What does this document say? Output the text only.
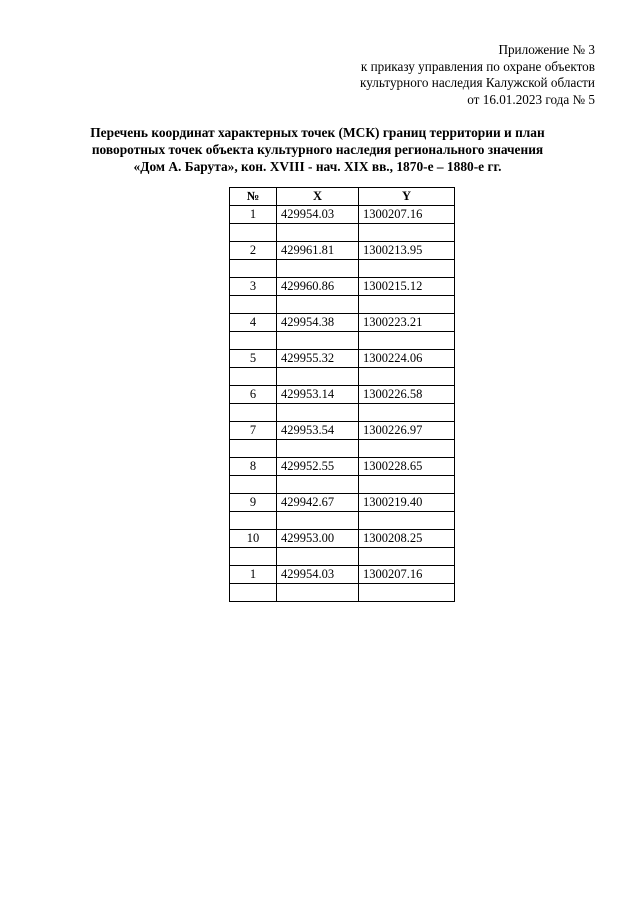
Приложение № 3
к приказу управления по охране объектов
культурного наследия Калужской области
от 16.01.2023 года № 5
Перечень координат характерных точек (МСК) границ территории и план
поворотных точек объекта культурного наследия регионального значения
«Дом А. Барута», кон. XVIII - нач. XIX вв., 1870-е – 1880-е гг.
№	X	Y
1	429954.03	1300207.16

2	429961.81	1300213.95

3	429960.86	1300215.12

4	429954.38	1300223.21

5	429955.32	1300224.06

6	429953.14	1300226.58

7	429953.54	1300226.97

8	429952.55	1300228.65

9	429942.67	1300219.40

10	429953.00	1300208.25

1	429954.03	1300207.16
